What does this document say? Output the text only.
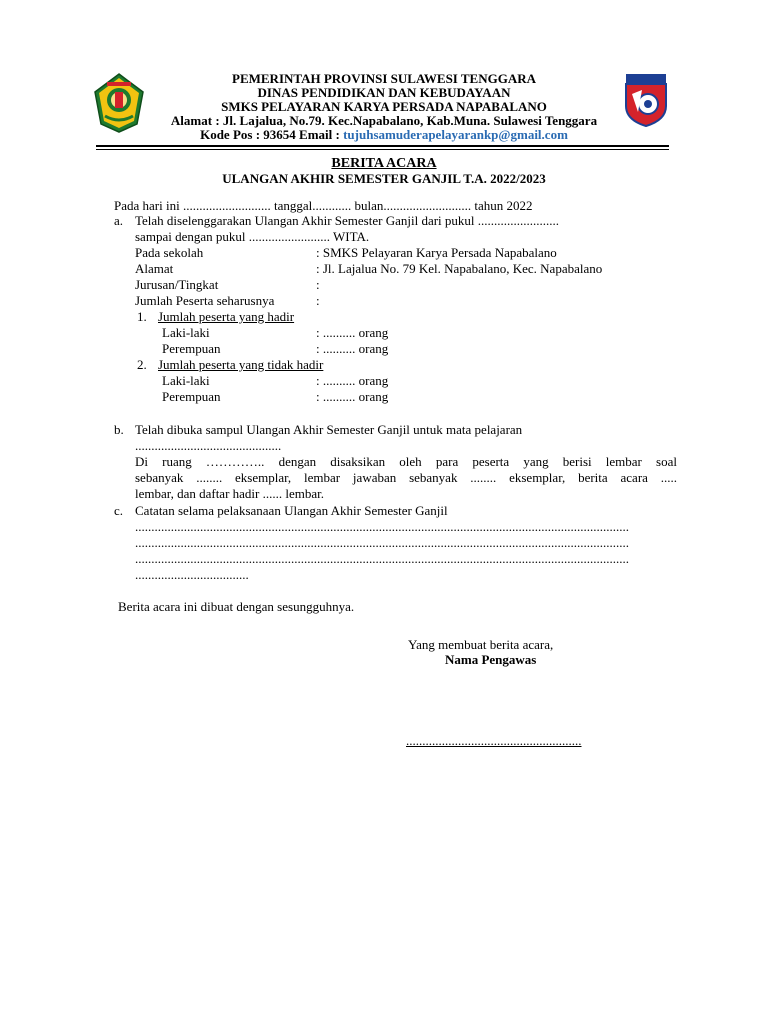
PEMERINTAH PROVINSI SULAWESI TENGGARA
DINAS PENDIDIKAN DAN KEBUDAYAAN
SMKS PELAYARAN KARYA PERSADA NAPABALANO
Alamat : Jl. Lajalua, No.79. Kec.Napabalano, Kab.Muna. Sulawesi Tenggara
Kode Pos : 93654 Email : tujuhsamuderapelayarankp@gmail.com
BERITA ACARA
ULANGAN AKHIR SEMESTER GANJIL T.A. 2022/2023
Pada hari ini ........................... tanggal............ bulan........................... tahun 2022
a. Telah diselenggarakan Ulangan Akhir Semester Ganjil dari pukul .........................
sampai dengan pukul ......................... WITA.
Pada sekolah	: SMKS Pelayaran Karya Persada Napabalano
Alamat	: Jl. Lajalua No. 79 Kel. Napabalano, Kec. Napabalano
Jurusan/Tingkat	:
Jumlah Peserta seharusnya	:
1. Jumlah peserta yang hadir
Laki-laki	: .......... orang
Perempuan	: .......... orang
2. Jumlah peserta yang tidak hadir
Laki-laki	: .......... orang
Perempuan	: .......... orang
b. Telah dibuka sampul Ulangan Akhir Semester Ganjil untuk mata pelajaran
.............................................
Di ruang ………….. dengan disaksikan oleh para peserta yang berisi lembar soal
sebanyak ........ eksemplar, lembar jawaban sebanyak ........ eksemplar, berita acara .....
lembar, dan daftar hadir ...... lembar.
c. Catatan selama pelaksanaan Ulangan Akhir Semester Ganjil
........................................................................................................................................................
........................................................................................................................................................
........................................................................................................................................................
...................................
Berita acara ini dibuat dengan sesungguhnya.
Yang membuat berita acara,
Nama Pengawas
......................................................
